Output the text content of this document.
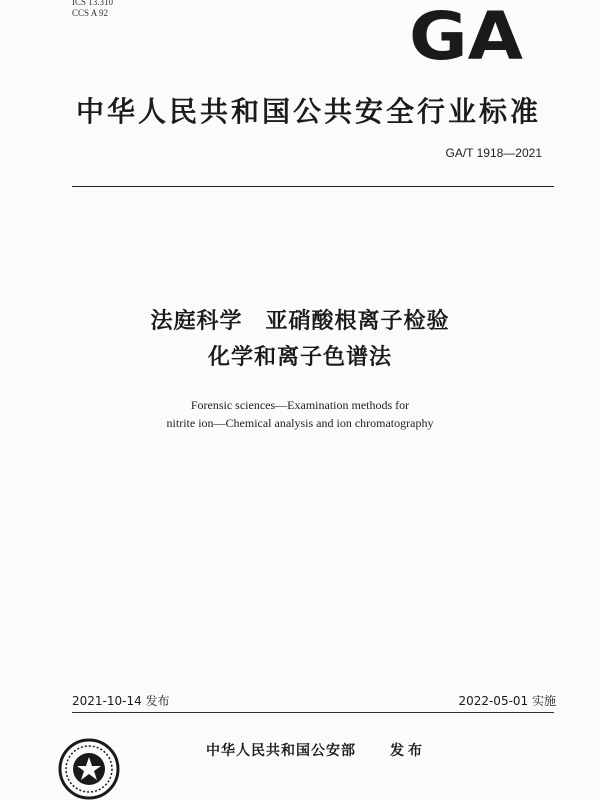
ICS 13.310
CCS A 92	GA
中华人民共和国公共安全行业标准
GA/T 1918—2021
法庭科学　亚硝酸根离子检验
化学和离子色谱法
Forensic sciences—Examination methods for
nitrite ion—Chemical analysis and ion chromatography
2021-10-14 发布	2022-05-01 实施
中华人民共和国公安部 发布
